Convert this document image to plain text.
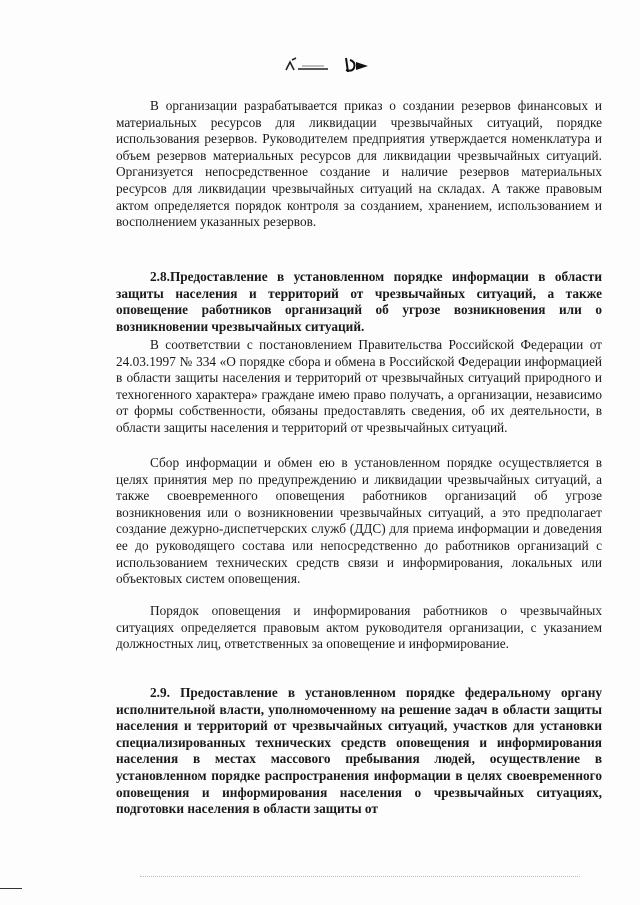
В организации разрабатывается приказ о создании резервов финансовых и материальных ресурсов для ликвидации чрезвычайных ситуаций, порядке использования резервов. Руководителем предприятия утверждается номенклатура и объем резервов материальных ресурсов для ликвидации чрезвычайных ситуаций. Организуется непосредственное создание и наличие резервов материальных ресурсов для ликвидации чрезвычайных ситуаций на складах. А также правовым актом определяется порядок контроля за созданием, хранением, использованием и восполнением указанных резервов.

2.8.Предоставление в установленном порядке информации в области защиты населения и территорий от чрезвычайных ситуаций, а также оповещение работников организаций об угрозе возникновения или о возникновении чрезвычайных ситуаций.

В соответствии с постановлением Правительства Российской Федерации от 24.03.1997 № 334 «О порядке сбора и обмена в Российской Федерации информацией в области защиты населения и территорий от чрезвычайных ситуаций природного и техногенного характера» граждане имею право получать, а организации, независимо от формы собственности, обязаны предоставлять сведения, об их деятельности, в области защиты населения и территорий от чрезвычайных ситуаций.

Сбор информации и обмен ею в установленном порядке осуществляется в целях принятия мер по предупреждению и ликвидации чрезвычайных ситуаций, а также своевременного оповещения работников организаций об угрозе возникновения или о возникновении чрезвычайных ситуаций, а это предполагает создание дежурно-диспетчерских служб (ДДС) для приема информации и доведения ее до руководящего состава или непосредственно до работников организаций с использованием технических средств связи и информирования, локальных или объектовых систем оповещения.

Порядок оповещения и информирования работников о чрезвычайных ситуациях определяется правовым актом руководителя организации, с указанием должностных лиц, ответственных за оповещение и информирование.

2.9. Предоставление в установленном порядке федеральному органу исполнительной власти, уполномоченному на решение задач в области защиты населения и территорий от чрезвычайных ситуаций, участков для установки специализированных технических средств оповещения и информирования населения в местах массового пребывания людей, осуществление в установленном порядке распространения информации в целях своевременного оповещения и информирования населения о чрезвычайных ситуациях, подготовки населения в области защиты от
